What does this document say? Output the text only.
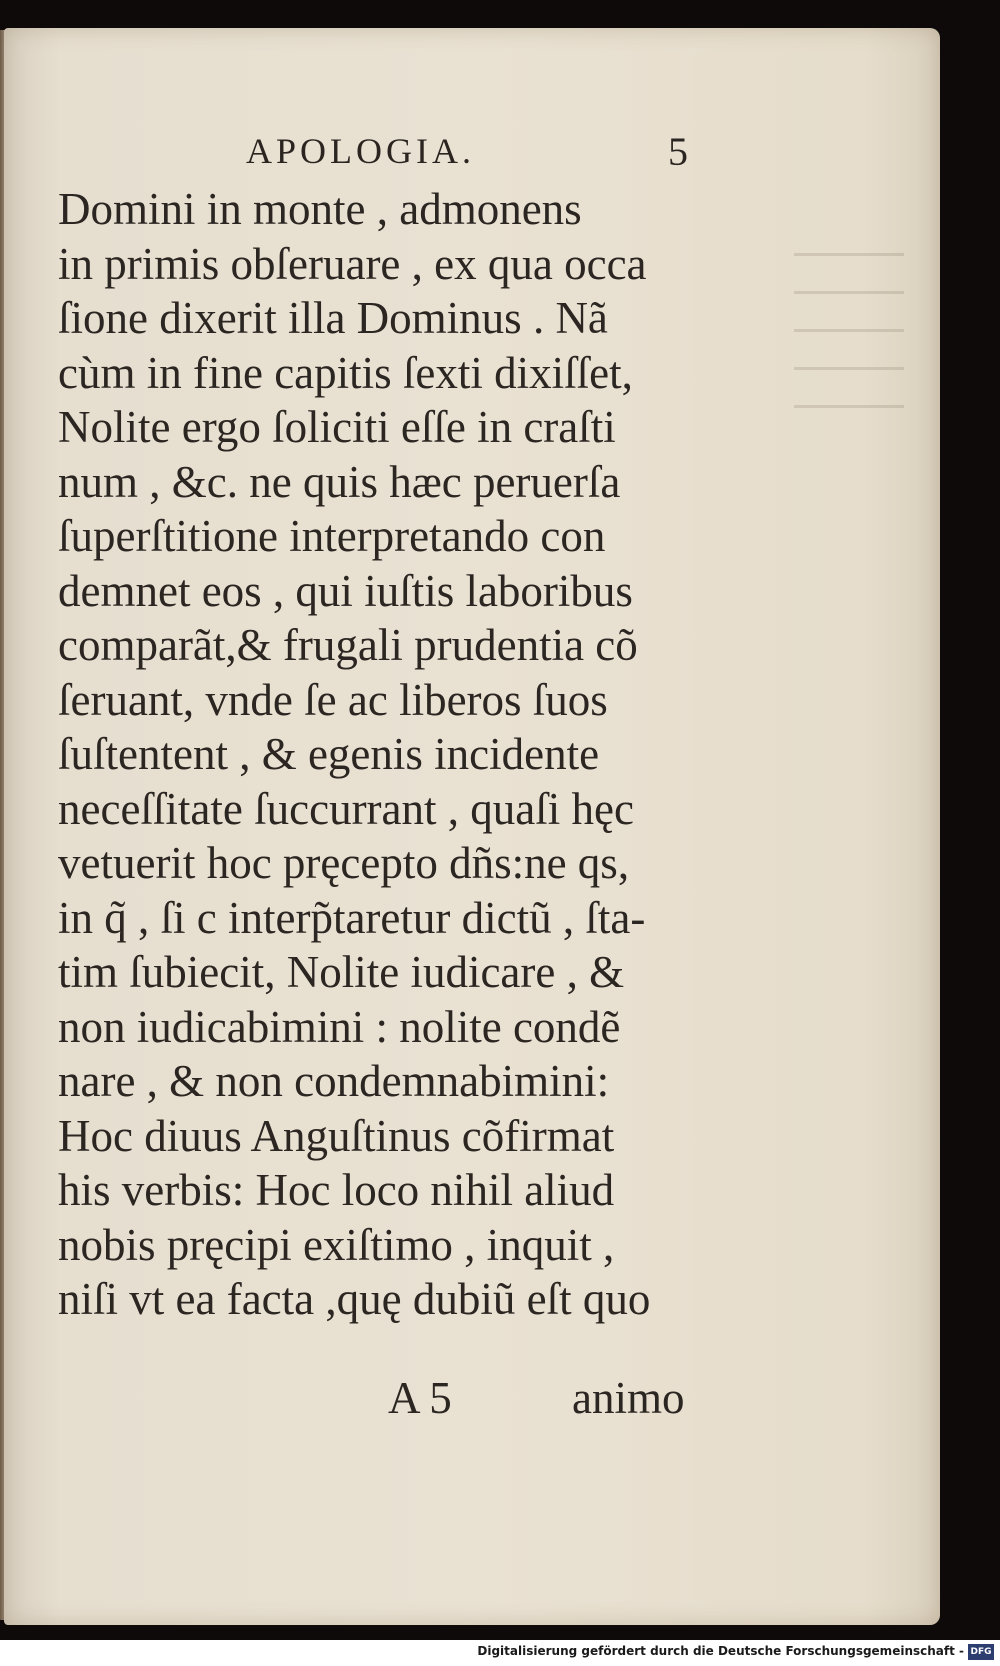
APOLOGIA.	5
Domini in monte , admonens
in primis obſeruare , ex qua occa
ſione dixerit illa Dominus . Nã
cùm in fine capitis ſexti dixiſſet,
Nolite ergo ſoliciti eſſe in craſti
num , &c. ne quis hæc peruerſa
ſuperſtitione interpretando con
demnet eos , qui iuſtis laboribus
comparãt,& frugali prudentia cõ
ſeruant, vnde ſe ac liberos ſuos
ſuſtentent , & egenis incidente
neceſſitate ſuccurrant , quaſi hęc
vetuerit hoc pręcepto dñs:ne qs,
in q̃ , ſi c interp̃taretur dictũ , ſta-
tim ſubiecit, Nolite iudicare , &
non iudicabimini : nolite condẽ
nare , & non condemnabimini:
Hoc diuus Anguſtinus cõfirmat
his verbis: Hoc loco nihil aliud
nobis pręcipi exiſtimo , inquit ,
niſi vt ea facta ,quę dubiũ eſt quo
A 5	animo
Digitalisierung gefördert durch die Deutsche Forschungsgemeinschaft - DFG
